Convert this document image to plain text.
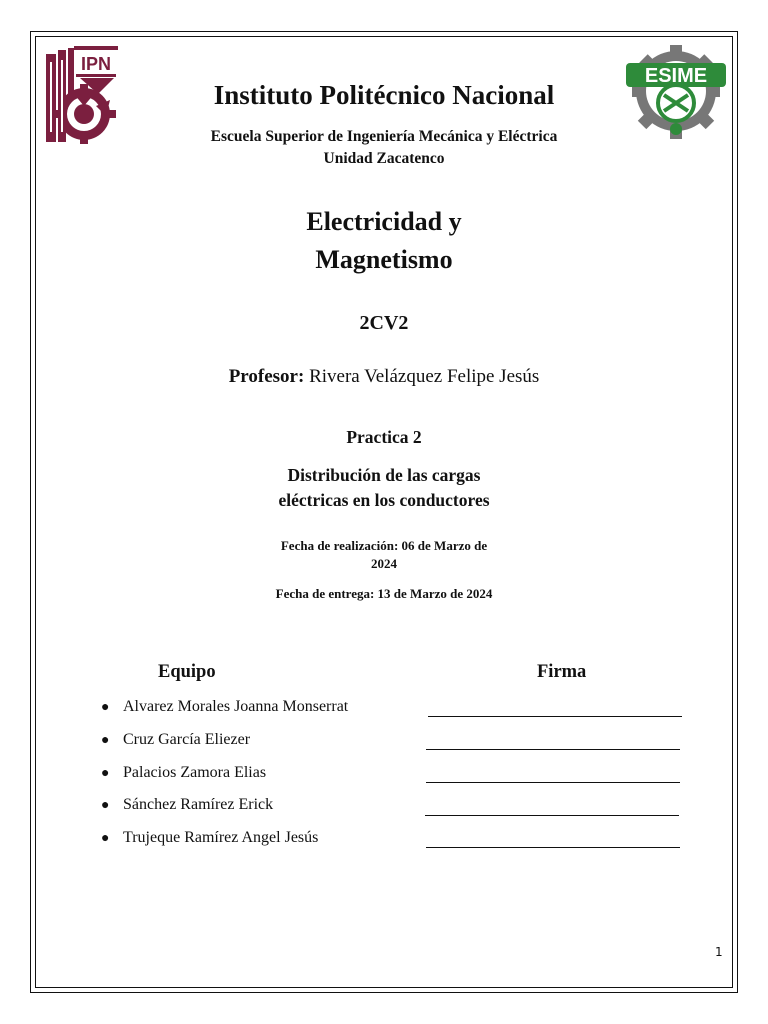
IPN
ESIME
Instituto Politécnico Nacional
Escuela Superior de Ingeniería Mecánica y Eléctrica
Unidad Zacatenco
Electricidad y
Magnetismo
2CV2
Profesor: Rivera Velázquez Felipe Jesús
Practica 2
Distribución de las cargas
eléctricas en los conductores
Fecha de realización: 06 de Marzo de
2024
Fecha de entrega: 13 de Marzo de 2024
Equipo	Firma
● Alvarez Morales Joanna Monserrat
● Cruz García Eliezer
● Palacios Zamora Elias
● Sánchez Ramírez Erick
● Trujeque Ramírez Angel Jesús
1
